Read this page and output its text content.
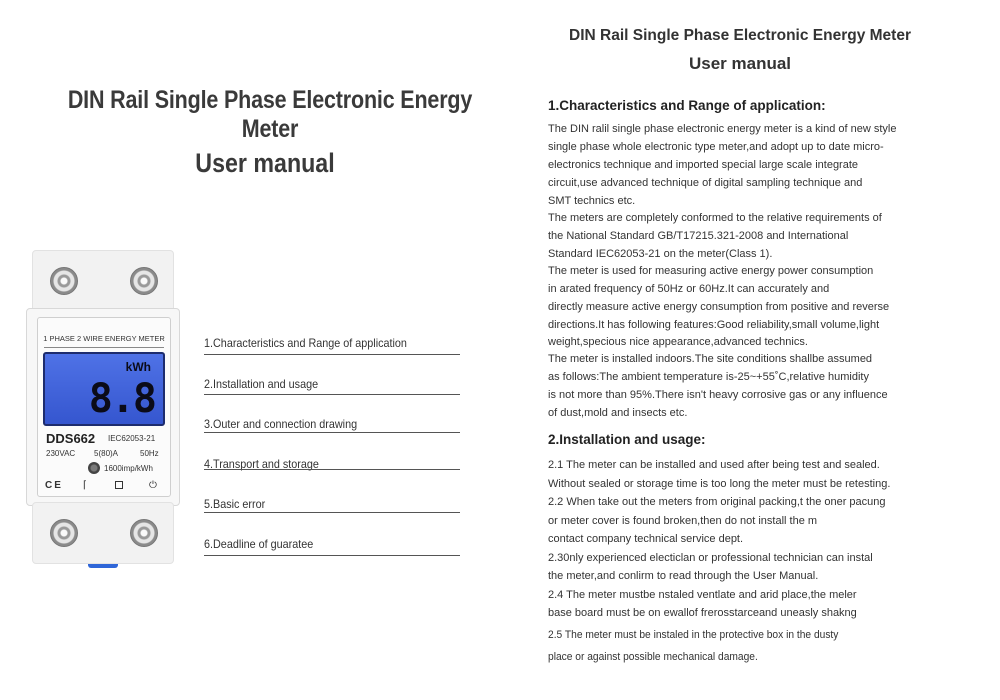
DIN Rail Single Phase Electronic Energy Meter
User manual
1 PHASE 2 WIRE ENERGY METER
kWh
8.8
DDS662 IEC62053-21
230VAC 5(80)A	50Hz
1600imp/kWh
C E	⌈	⏻
1.Characteristics and Range of application
2.Installation and usage
3.Outer and connection drawing
4.Transport and storage
5.Basic error
6.Deadline of guaratee
DIN Rail Single Phase Electronic Energy Meter
User manual
1.Characteristics and Range of application:
The DIN ralil single phase electronic energy meter is a kind of new style
single phase whole electronic type meter,and adopt up to date micro-
electronics technique and imported special large scale integrate
circuit,use advanced technique of digital sampling technique and
SMT technics etc.
The meters are completely conformed to the relative requirements of
the National Standard GB/T17215.321-2008 and International
Standard IEC62053-21 on the meter(Class 1).
The meter is used for measuring active energy power consumption
in arated frequency of 50Hz or 60Hz.It can accurately and
directly measure active energy consumption from positive and reverse
directions.It has following features:Good reliability,small volume,light
weight,specious nice appearance,advanced technics.
The meter is installed indoors.The site conditions shallbe assumed
as follows:The ambient temperature is-25~+55˚C,relative humidity
is not more than 95%.There isn't heavy corrosive gas or any influence
of dust,mold and insects etc.
2.Installation and usage:
2.1 The meter can be installed and used after being test and sealed.
Without sealed or storage time is too long the meter must be retesting.
2.2 When take out the meters from original packing,t the oner pacung
or meter cover is found broken,then do not install the m
contact company technical service dept.
2.30nly experienced electiclan or professional technician can instal
the meter,and conlirm to read through the User Manual.
2.4 The meter mustbe nstaled ventlate and arid place,the meler
base board must be on ewallof frerosstarceand uneasly shakng
2.5 The meter must be instaled in the protective box in the dusty
place or against possible mechanical damage.
